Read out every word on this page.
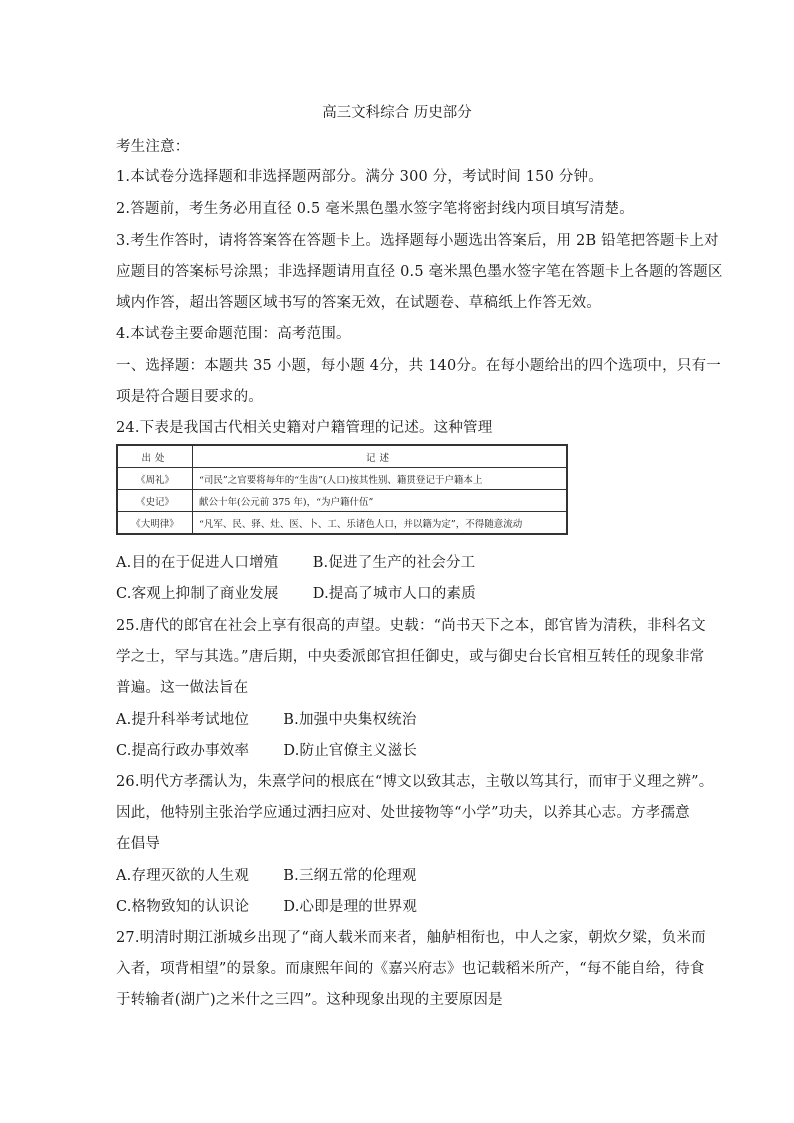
高三文科综合 历史部分
考生注意：
1.本试卷分选择题和非选择题两部分。满分 300 分，考试时间 150 分钟。
2.答题前，考生务必用直径 0.5 毫米黑色墨水签字笔将密封线内项目填写清楚。
3.考生作答时，请将答案答在答题卡上。选择题每小题选出答案后，用 2B 铅笔把答题卡上对
应题目的答案标号涂黑；非选择题请用直径 0.5 毫米黑色墨水签字笔在答题卡上各题的答题区
域内作答，超出答题区域书写的答案无效，在试题卷、草稿纸上作答无效。
4.本试卷主要命题范围：高考范围。
一、选择题：本题共 35 小题，每小题 4分，共 140分。在每小题给出的四个选项中，只有一
项是符合题目要求的。
24.下表是我国古代相关史籍对户籍管理的记述。这种管理
出处	记述
《周礼》	“司民”之官要将每年的“生齿”(人口)按其性别、籍贯登记于户籍本上
《史记》	献公十年(公元前 375 年)，“为户籍什伍”
《大明律》	“凡军、民、驿、灶、医、卜、工、乐诸色人口，并以籍为定”，不得随意流动
A.目的在于促进人口增殖　　 B.促进了生产的社会分工
C.客观上抑制了商业发展　　 D.提高了城市人口的素质
25.唐代的郎官在社会上享有很高的声望。史载：“尚书天下之本，郎官皆为清秩，非科名文
学之士，罕与其选。”唐后期，中央委派郎官担任御史，或与御史台长官相互转任的现象非常
普遍。这一做法旨在
A.提升科举考试地位　　 B.加强中央集权统治
C.提高行政办事效率　　 D.防止官僚主义滋长
26.明代方孝孺认为，朱熹学问的根底在“博文以致其志，主敬以笃其行，而审于义理之辨”。
因此，他特别主张治学应通过洒扫应对、处世接物等“小学”功夫，以养其心志。方孝孺意
在倡导
A.存理灭欲的人生观　　 B.三纲五常的伦理观
C.格物致知的认识论　　 D.心即是理的世界观
27.明清时期江浙城乡出现了“商人载米而来者，舳舻相衔也，中人之家，朝炊夕粱，负米而
入者，项背相望”的景象。而康熙年间的《嘉兴府志》也记载稻米所产，“每不能自给，待食
于转输者(湖广)之米什之三四”。这种现象出现的主要原因是
